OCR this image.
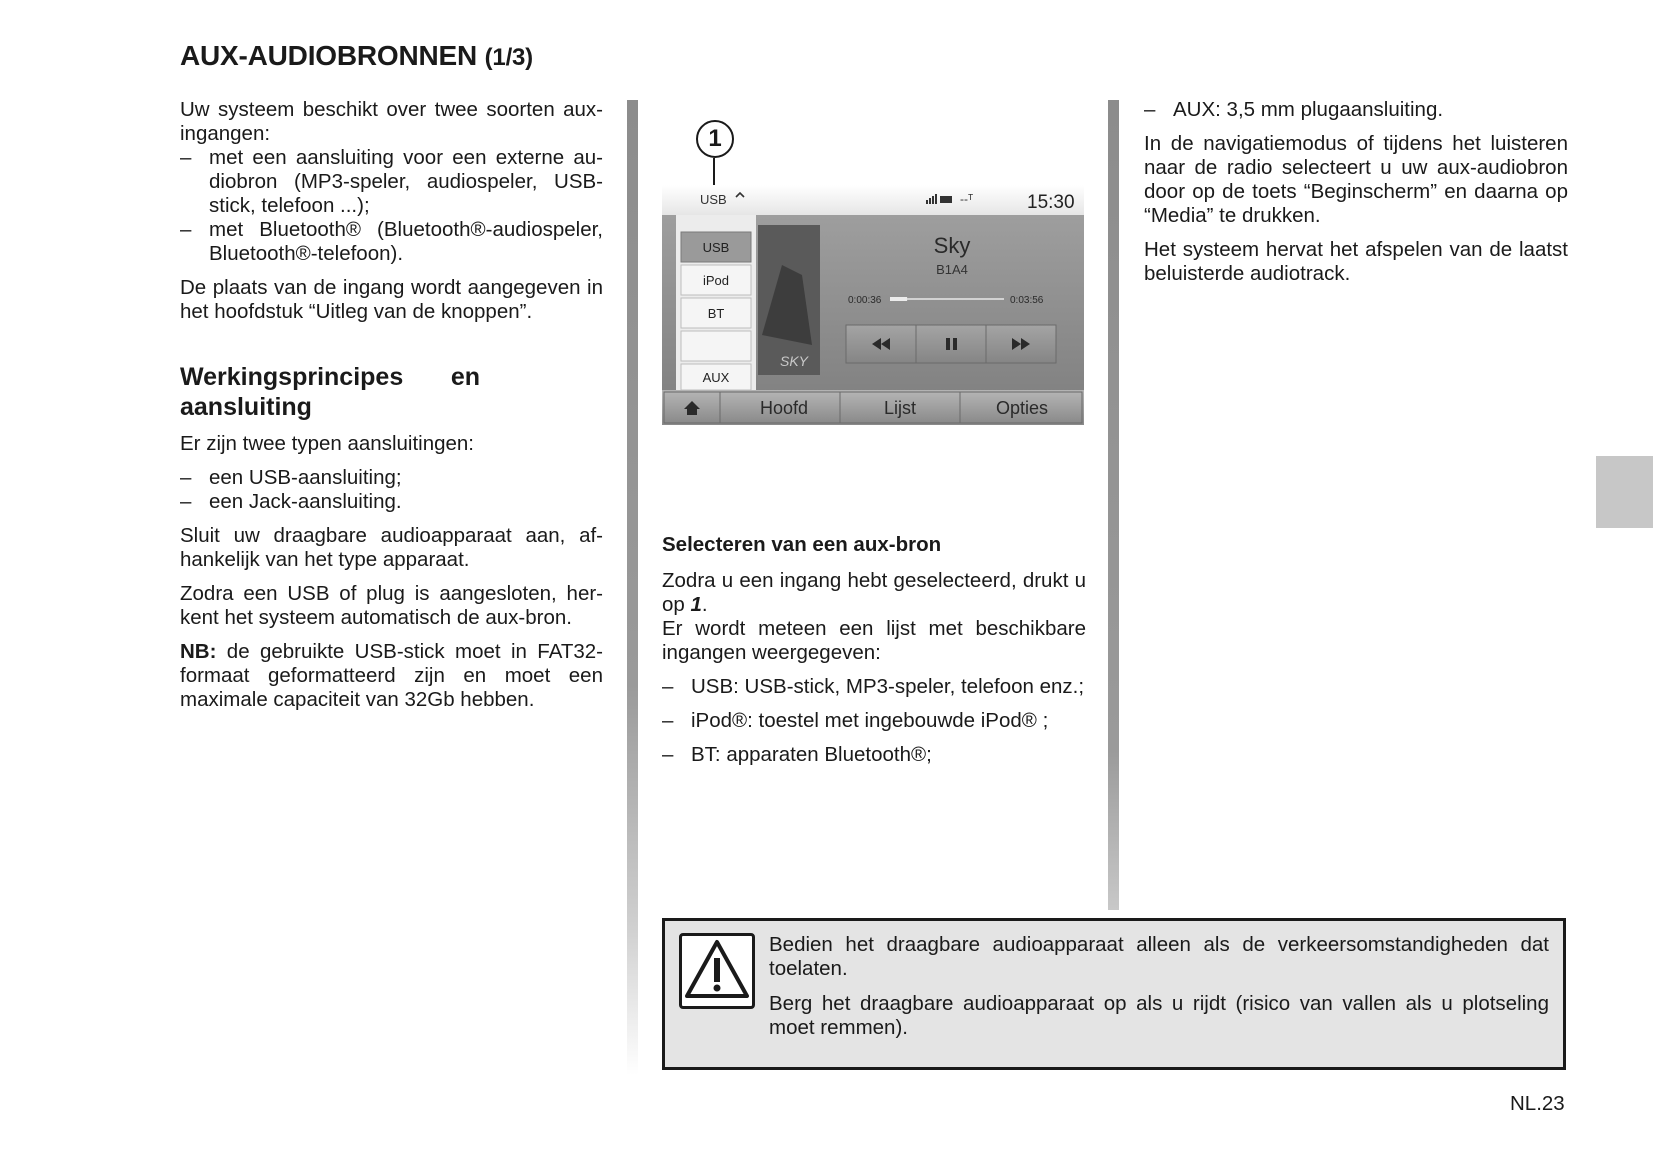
AUX-AUDIOBRONNEN (1/3)

Uw systeem beschikt over twee soorten aux-ingangen:

– met een aansluiting voor een externe au-diobron (MP3-speler, audiospeler, USB-stick, telefoon ...);
– met Bluetooth® (Bluetooth®-audiospeler, Bluetooth®-telefoon).

De plaats van de ingang wordt aangegeven in het hoofdstuk “Uitleg van de knoppen”.

Werkingsprincipes en aansluiting

Er zijn twee typen aansluitingen:

– een USB-aansluiting;
– een Jack-aansluiting.

Sluit uw draagbare audioapparaat aan, af-hankelijk van het type apparaat.

Zodra een USB of plug is aangesloten, her-kent het systeem automatisch de aux-bron.

NB: de gebruikte USB-stick moet in FAT32-formaat geformatteerd zijn en moet een maximale capaciteit van 32Gb hebben.

1
USB	--ᵀ	15:30
SKY
Sky
B1A4
0:00:36	0:03:56
USB
iPod
BT
AUX
Hoofd	Lijst	Opties
Selecteren van een aux-bron

Zodra u een ingang hebt geselecteerd, drukt u op 1.

Er wordt meteen een lijst met beschikbare ingangen weergegeven:

– USB: USB-stick, MP3-speler, telefoon enz.;
– iPod®: toestel met ingebouwde iPod® ;
– BT: apparaten Bluetooth®;
– AUX: 3,5 mm plugaansluiting.

In de navigatiemodus of tijdens het luisteren naar de radio selecteert u uw aux-audiobron door op de toets “Beginscherm” en daarna op “Media” te drukken.

Het systeem hervat het afspelen van de laatst beluisterde audiotrack.

Bedien het draagbare audioapparaat alleen als de verkeersomstandigheden dat toelaten.

Berg het draagbare audioapparaat op als u rijdt (risico van vallen als u plotseling moet remmen).

NL.23
